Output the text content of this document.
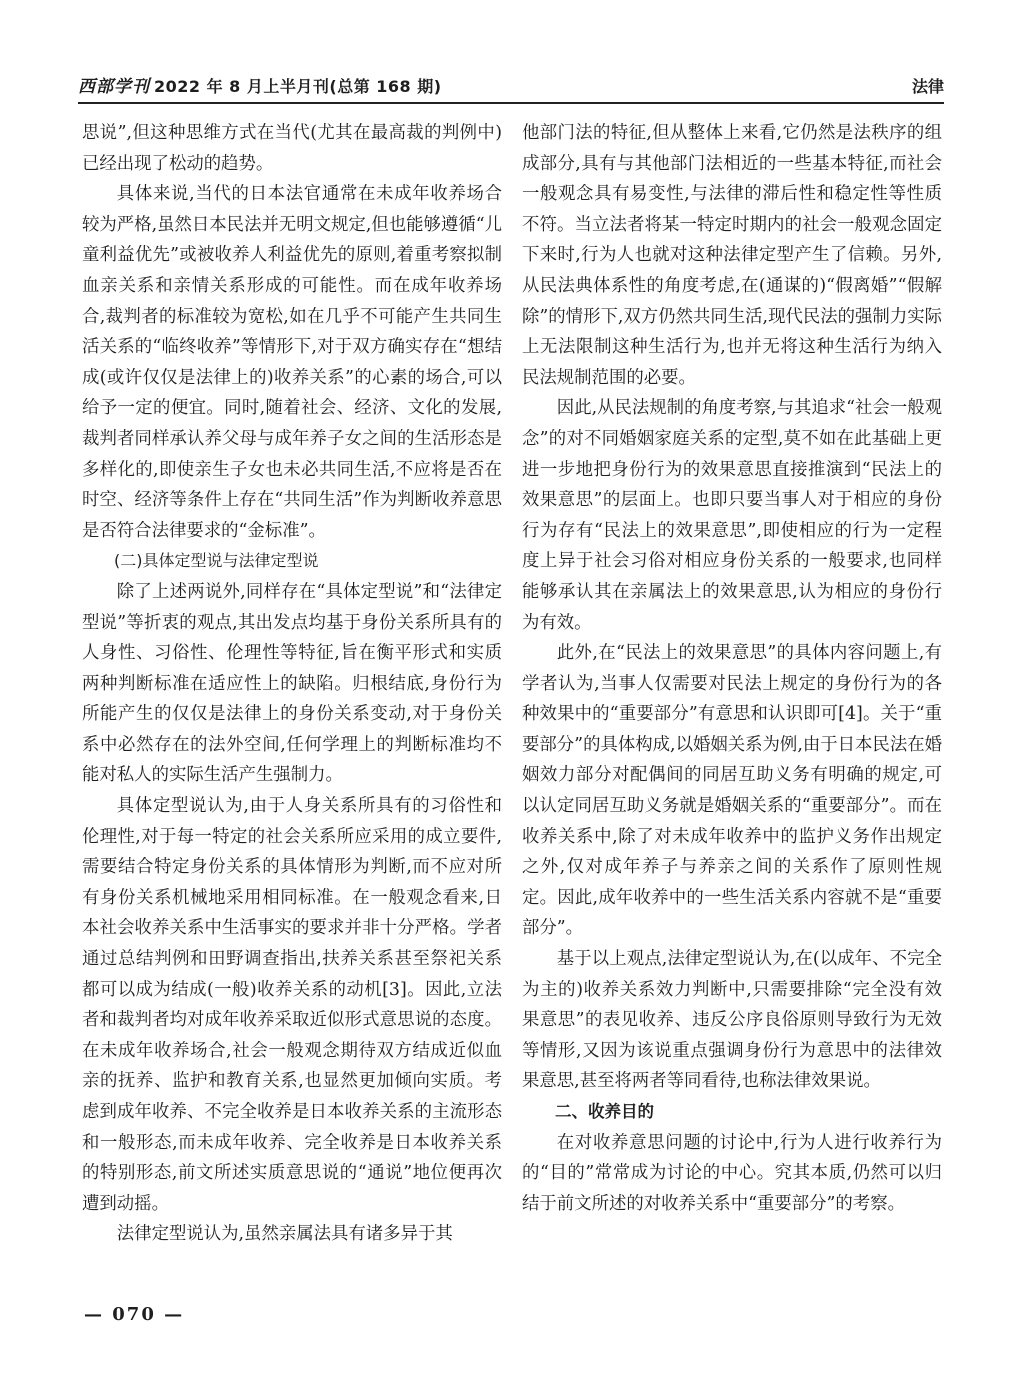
西部学刊 2022 年 8 月上半月刊(总第 168 期)	法律

思说”,但这种思维方式在当代(尤其在最高裁的判例中)已经出现了松动的趋势。

具体来说,当代的日本法官通常在未成年收养场合较为严格,虽然日本民法并无明文规定,但也能够遵循“儿童利益优先”或被收养人利益优先的原则,着重考察拟制血亲关系和亲情关系形成的可能性。而在成年收养场合,裁判者的标准较为宽松,如在几乎不可能产生共同生活关系的“临终收养”等情形下,对于双方确实存在“想结成(或许仅仅是法律上的)收养关系”的心素的场合,可以给予一定的便宜。同时,随着社会、经济、文化的发展,裁判者同样承认养父母与成年养子女之间的生活形态是多样化的,即使亲生子女也未必共同生活,不应将是否在时空、经济等条件上存在“共同生活”作为判断收养意思是否符合法律要求的“金标准”。

(二)具体定型说与法律定型说

除了上述两说外,同样存在“具体定型说”和“法律定型说”等折衷的观点,其出发点均基于身份关系所具有的人身性、习俗性、伦理性等特征,旨在衡平形式和实质两种判断标准在适应性上的缺陷。归根结底,身份行为所能产生的仅仅是法律上的身份关系变动,对于身份关系中必然存在的法外空间,任何学理上的判断标准均不能对私人的实际生活产生强制力。

具体定型说认为,由于人身关系所具有的习俗性和伦理性,对于每一特定的社会关系所应采用的成立要件,需要结合特定身份关系的具体情形为判断,而不应对所有身份关系机械地采用相同标准。在一般观念看来,日本社会收养关系中生活事实的要求并非十分严格。学者通过总结判例和田野调查指出,扶养关系甚至祭祀关系都可以成为结成(一般)收养关系的动机[3]。因此,立法者和裁判者均对成年收养采取近似形式意思说的态度。在未成年收养场合,社会一般观念期待双方结成近似血亲的抚养、监护和教育关系,也显然更加倾向实质。考虑到成年收养、不完全收养是日本收养关系的主流形态和一般形态,而未成年收养、完全收养是日本收养关系的特别形态,前文所述实质意思说的“通说”地位便再次遭到动摇。

法律定型说认为,虽然亲属法具有诸多异于其

他部门法的特征,但从整体上来看,它仍然是法秩序的组成部分,具有与其他部门法相近的一些基本特征,而社会一般观念具有易变性,与法律的滞后性和稳定性等性质不符。当立法者将某一特定时期内的社会一般观念固定下来时,行为人也就对这种法律定型产生了信赖。另外,从民法典体系性的角度考虑,在(通谋的)“假离婚”“假解除”的情形下,双方仍然共同生活,现代民法的强制力实际上无法限制这种生活行为,也并无将这种生活行为纳入民法规制范围的必要。

因此,从民法规制的角度考察,与其追求“社会一般观念”的对不同婚姻家庭关系的定型,莫不如在此基础上更进一步地把身份行为的效果意思直接推演到“民法上的效果意思”的层面上。也即只要当事人对于相应的身份行为存有“民法上的效果意思”,即使相应的行为一定程度上异于社会习俗对相应身份关系的一般要求,也同样能够承认其在亲属法上的效果意思,认为相应的身份行为有效。

此外,在“民法上的效果意思”的具体内容问题上,有学者认为,当事人仅需要对民法上规定的身份行为的各种效果中的“重要部分”有意思和认识即可[4]。关于“重要部分”的具体构成,以婚姻关系为例,由于日本民法在婚姻效力部分对配偶间的同居互助义务有明确的规定,可以认定同居互助义务就是婚姻关系的“重要部分”。而在收养关系中,除了对未成年收养中的监护义务作出规定之外,仅对成年养子与养亲之间的关系作了原则性规定。因此,成年收养中的一些生活关系内容就不是“重要部分”。

基于以上观点,法律定型说认为,在(以成年、不完全为主的)收养关系效力判断中,只需要排除“完全没有效果意思”的表见收养、违反公序良俗原则导致行为无效等情形,又因为该说重点强调身份行为意思中的法律效果意思,甚至将两者等同看待,也称法律效果说。

二、收养目的

在对收养意思问题的讨论中,行为人进行收养行为的“目的”常常成为讨论的中心。究其本质,仍然可以归结于前文所述的对收养关系中“重要部分”的考察。

— 070 —
